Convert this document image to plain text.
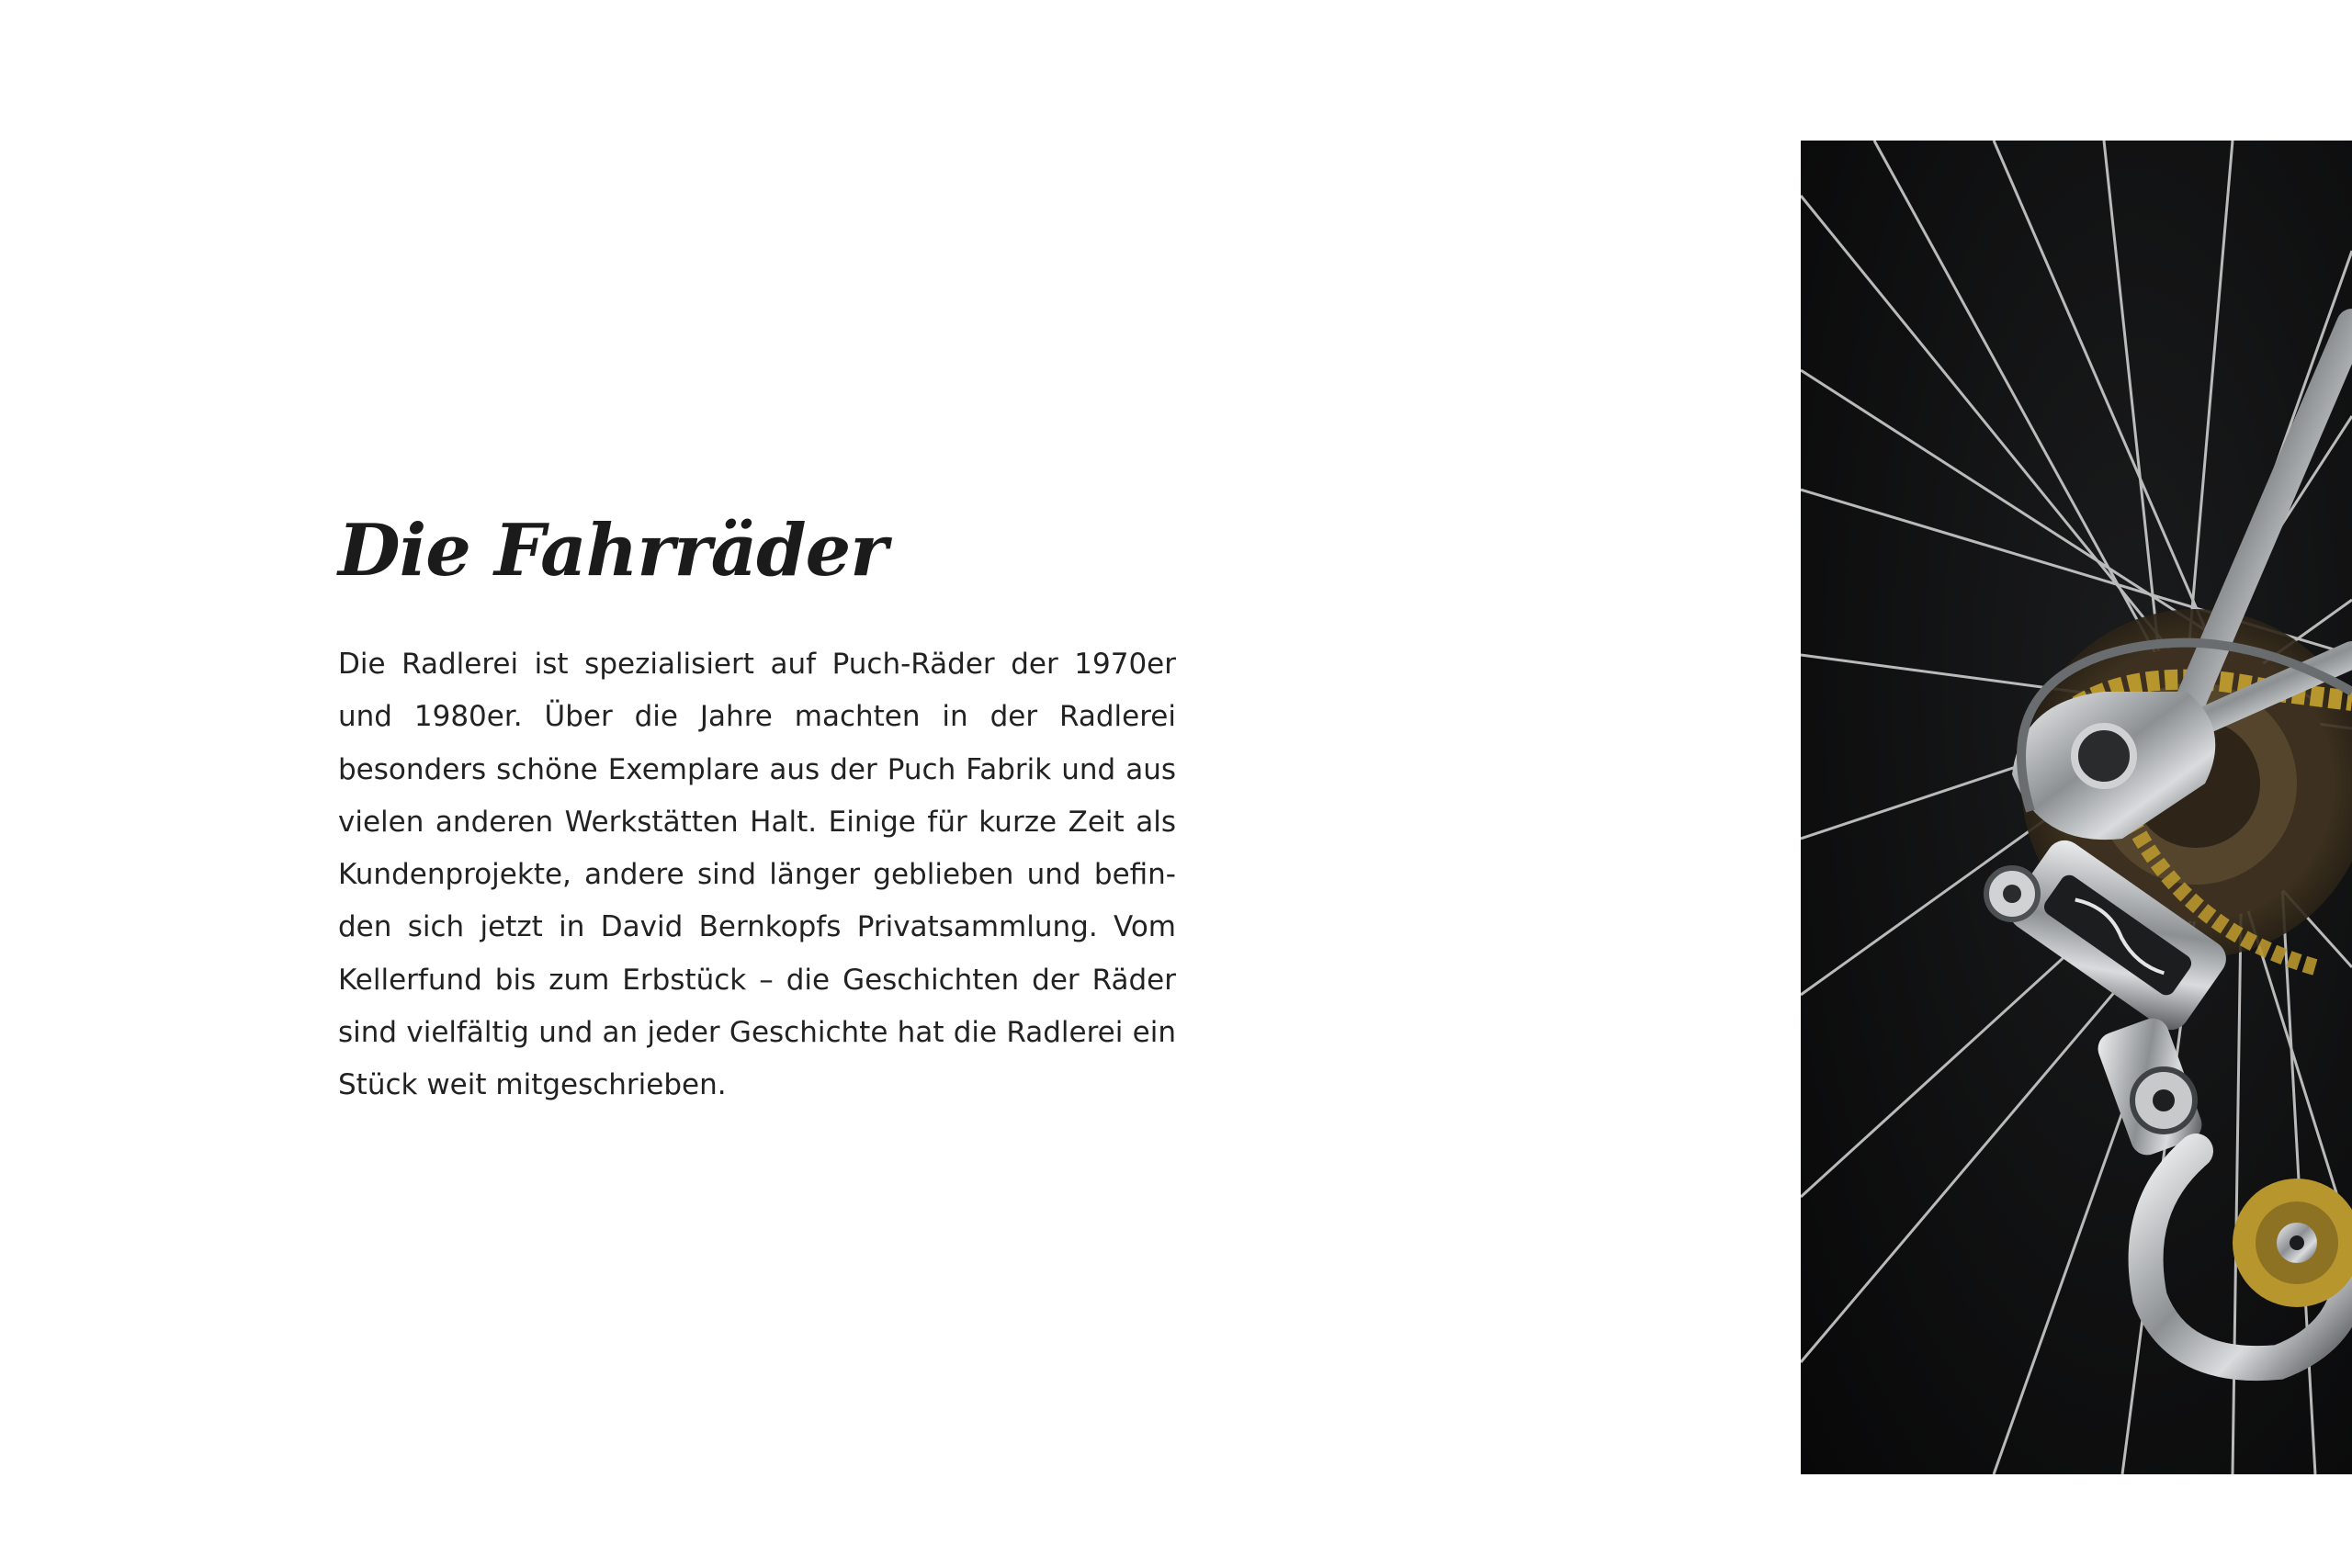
Die Fahrräder

Die Radlerei ist spezialisiert auf Puch-Räder der 1970er und 1980er. Über die Jahre machten in der Radlerei besonders schöne Exemplare aus der Puch Fabrik und aus vielen anderen Werkstätten Halt. Einige für kurze Zeit als Kundenprojekte, andere sind länger geblieben und befin-den sich jetzt in David Bernkopfs Privatsammlung. Vom Kellerfund bis zum Erbstück – die Geschichten der Räder sind vielfältig und an jeder Geschichte hat die Radlerei ein Stück weit mitgeschrieben.
